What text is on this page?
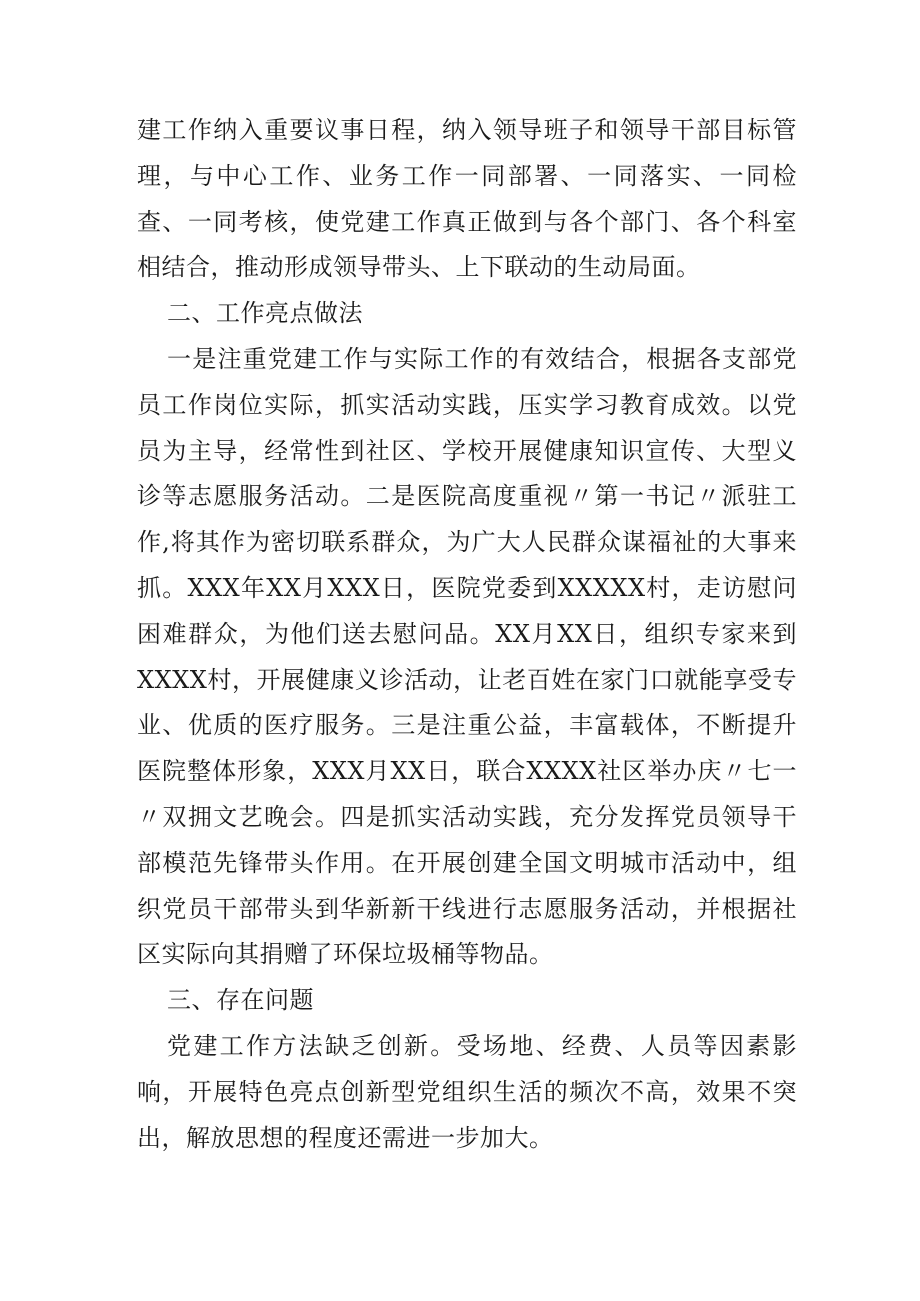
建工作纳入重要议事日程，纳入领导班子和领导干部目标管理，与中心工作、业务工作一同部署、一同落实、一同检查、一同考核，使党建工作真正做到与各个部门、各个科室相结合，推动形成领导带头、上下联动的生动局面。

二、工作亮点做法

一是注重党建工作与实际工作的有效结合，根据各支部党员工作岗位实际，抓实活动实践，压实学习教育成效。以党员为主导，经常性到社区、学校开展健康知识宣传、大型义诊等志愿服务活动。二是医院高度重视〃第一书记〃派驻工作,将其作为密切联系群众，为广大人民群众谋福祉的大事来抓。XXX年XX月XXX日，医院党委到XXXXX村，走访慰问困难群众，为他们送去慰问品。XX月XX日，组织专家来到XXXX村，开展健康义诊活动，让老百姓在家门口就能享受专业、优质的医疗服务。三是注重公益，丰富载体，不断提升医院整体形象，XXX月XX日，联合XXXX社区举办庆〃七一〃双拥文艺晚会。四是抓实活动实践，充分发挥党员领导干部模范先锋带头作用。在开展创建全国文明城市活动中，组织党员干部带头到华新新干线进行志愿服务活动，并根据社区实际向其捐赠了环保垃圾桶等物品。

三、存在问题

党建工作方法缺乏创新。受场地、经费、人员等因素影响，开展特色亮点创新型党组织生活的频次不高，效果不突出，解放思想的程度还需进一步加大。
